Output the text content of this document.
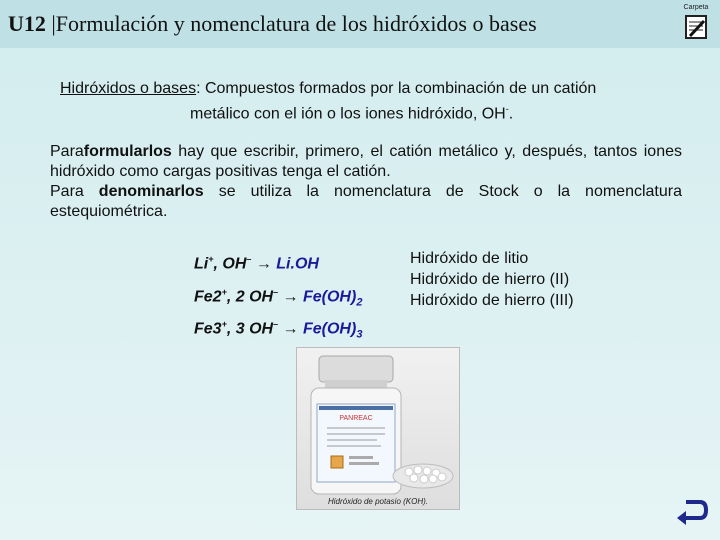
U12 |Formulación y nomenclatura de los hidróxidos o bases
Carpeta
Hidróxidos o bases: Compuestos formados por la combinación de un catión
metálico con el ión o los iones hidróxido, OH-.

Paraformularlos hay que escribir, primero, el catión metálico y, después, tantos iones hidróxido como cargas positivas tenga el catión.

Para denominarlos se utiliza la nomenclatura de Stock o la nomenclatura estequiométrica.

Li+, OH– → Li.OH
Fe2+, 2 $OH^- \to Fe(OH)_2$
Fe3+, 3 $OH^- \to Fe(OH)_3$
Hidróxido de litio
Hidróxido de hierro (II)
Hidróxido de hierro (III)
PANREAC
Hidróxido de potasio (KOH).
